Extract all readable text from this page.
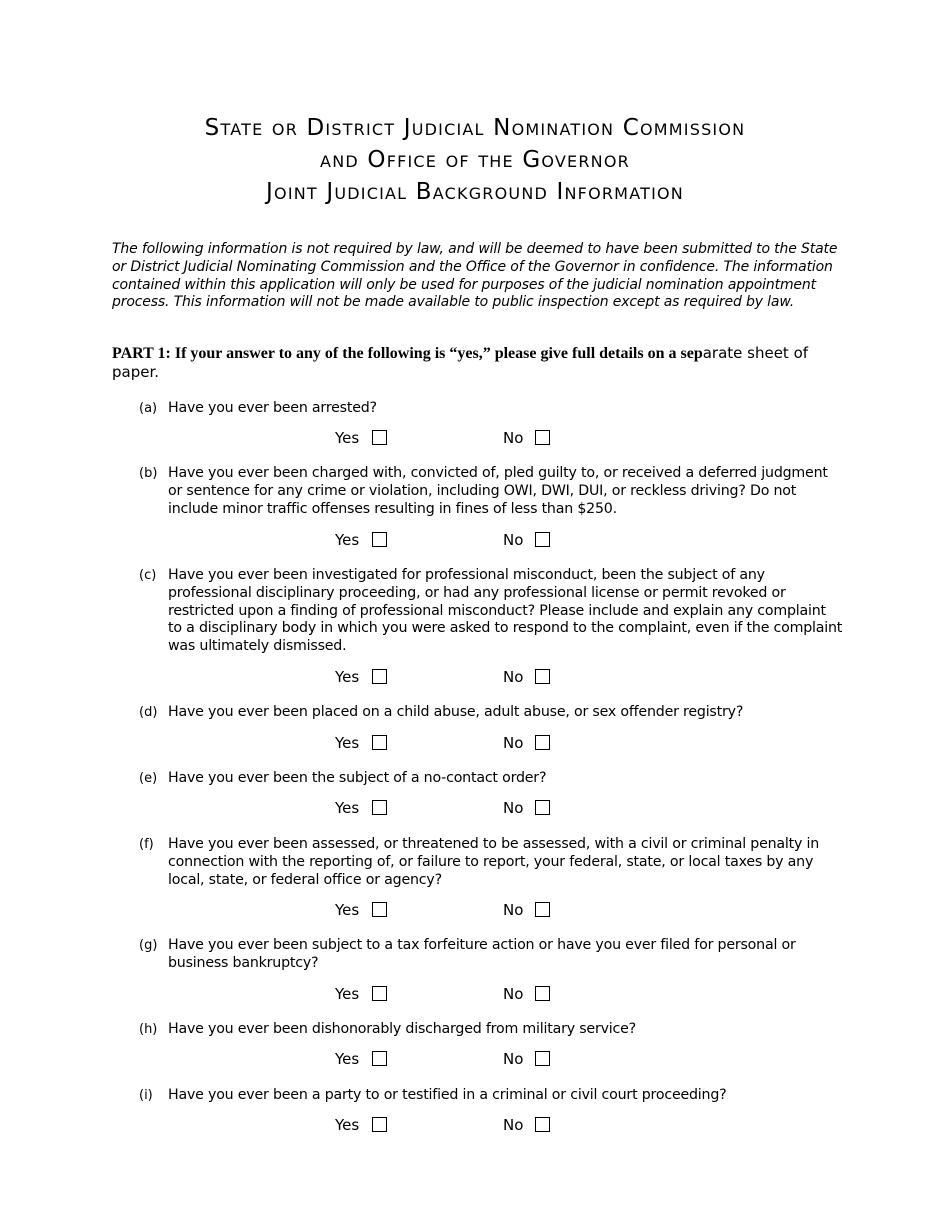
State or District Judicial Nomination Commission
and Office of the Governor
Joint Judicial Background Information
The following information is not required by law, and will be deemed to have been submitted to the State or District Judicial Nominating Commission and the Office of the Governor in confidence. The information contained within this application will only be used for purposes of the judicial nomination appointment process. This information will not be made available to public inspection except as required by law.
PART 1: If your answer to any of the following is “yes,” please give full details on a separate sheet of paper.
(a) Have you ever been arrested?
Yes	No
(b) Have you ever been charged with, convicted of, pled guilty to, or received a deferred judgment or sentence for any crime or violation, including OWI, DWI, DUI, or reckless driving? Do not include minor traffic offenses resulting in fines of less than $250.
Yes	No
(c) Have you ever been investigated for professional misconduct, been the subject of any professional disciplinary proceeding, or had any professional license or permit revoked or restricted upon a finding of professional misconduct? Please include and explain any complaint to a disciplinary body in which you were asked to respond to the complaint, even if the complaint was ultimately dismissed.
Yes	No
(d) Have you ever been placed on a child abuse, adult abuse, or sex offender registry?
Yes	No
(e) Have you ever been the subject of a no-contact order?
Yes	No
(f) Have you ever been assessed, or threatened to be assessed, with a civil or criminal penalty in connection with the reporting of, or failure to report, your federal, state, or local taxes by any local, state, or federal office or agency?
Yes	No
(g) Have you ever been subject to a tax forfeiture action or have you ever filed for personal or business bankruptcy?
Yes	No
(h) Have you ever been dishonorably discharged from military service?
Yes	No
(i) Have you ever been a party to or testified in a criminal or civil court proceeding?
Yes	No
